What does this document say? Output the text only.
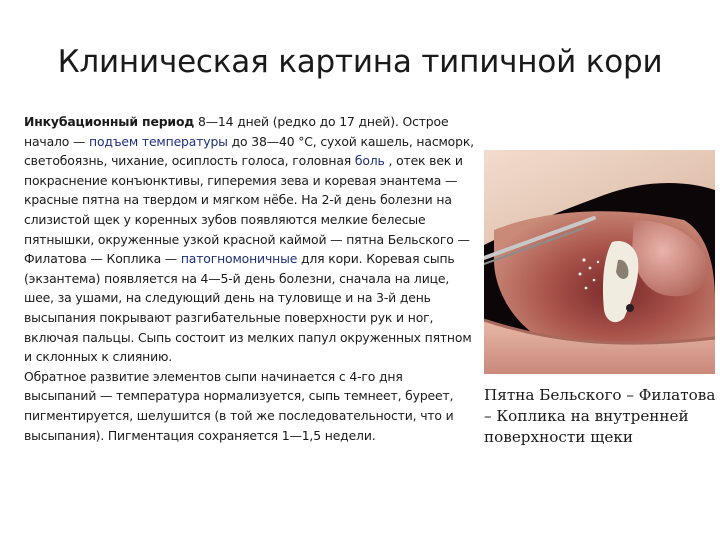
Клиническая картина типичной кори

Инкубационный период 8—14 дней (редко до 17 дней). Острое начало — подъем температуры до 38—40 °C, сухой кашель, насморк, светобоязнь, чихание, осиплость голоса, головная боль , отек век и покраснение конъюнктивы, гиперемия зева и коревая энантема — красные пятна на твердом и мягком нёбе. На 2-й день болезни на слизистой щек у коренных зубов появляются мелкие белесые пятнышки, окруженные узкой красной каймой — пятна Бельского — Филатова — Коплика — патогномоничные для кори. Коревая сыпь (экзантема) появляется на 4—5-й день болезни, сначала на лице, шее, за ушами, на следующий день на туловище и на 3-й день высыпания покрывают разгибательные поверхности рук и ног, включая пальцы. Сыпь состоит из мелких папул окруженных пятном и склонных к слиянию.

Обратное развитие элементов сыпи начинается с 4-го дня высыпаний — температура нормализуется, сыпь темнеет, буреет, пигментируется, шелушится (в той же последовательности, что и высыпания). Пигментация сохраняется 1—1,5 недели.

Пятна Бельского – Филатова – Коплика на внутренней поверхности щеки
